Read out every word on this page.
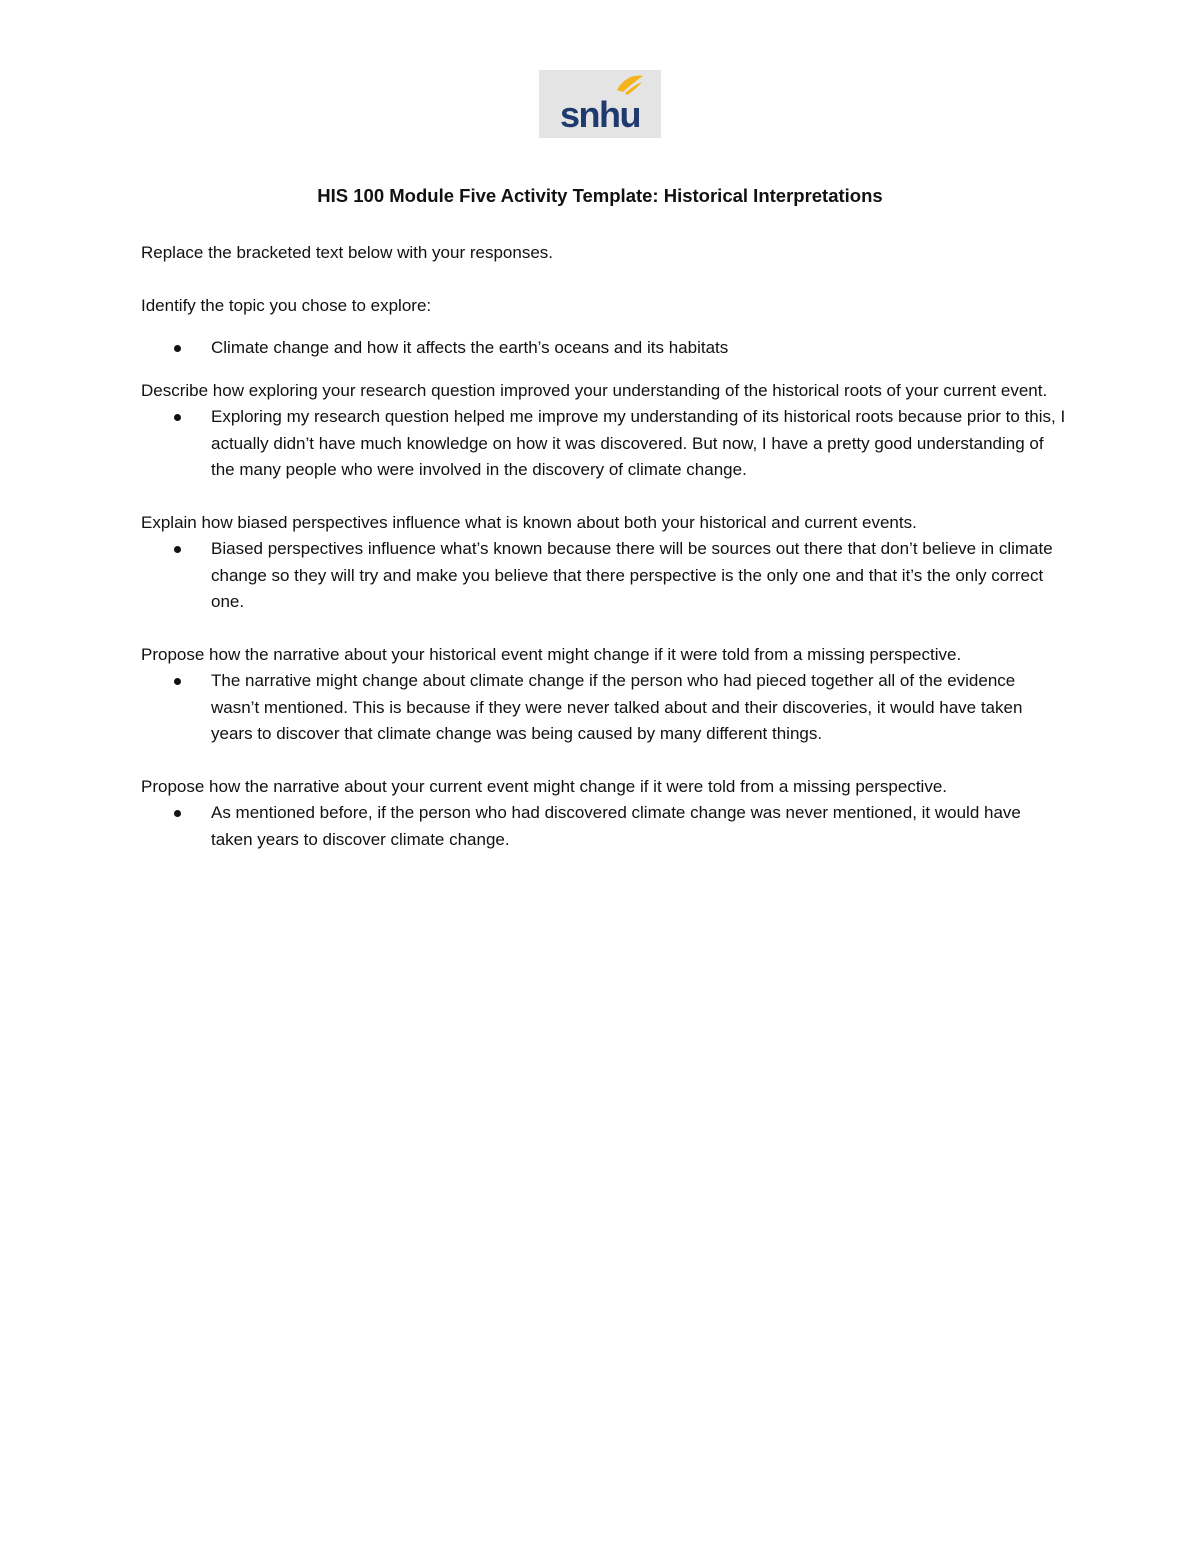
snhu
HIS 100 Module Five Activity Template: Historical Interpretations

Replace the bracketed text below with your responses.

Identify the topic you chose to explore:

Climate change and how it affects the earth’s oceans and its habitats

Describe how exploring your research question improved your understanding of the historical roots of your current event.

Exploring my research question helped me improve my understanding of its historical roots because prior to this, I actually didn’t have much knowledge on how it was discovered. But now, I have a pretty good understanding of the many people who were involved in the discovery of climate change.

Explain how biased perspectives influence what is known about both your historical and current events.

Biased perspectives influence what’s known because there will be sources out there that don’t believe in climate change so they will try and make you believe that there perspective is the only one and that it’s the only correct one.

Propose how the narrative about your historical event might change if it were told from a missing perspective.

The narrative might change about climate change if the person who had pieced together all of the evidence wasn’t mentioned. This is because if they were never talked about and their discoveries, it would have taken years to discover that climate change was being caused by many different things.

Propose how the narrative about your current event might change if it were told from a missing perspective.

As mentioned before, if the person who had discovered climate change was never mentioned, it would have taken years to discover climate change.
